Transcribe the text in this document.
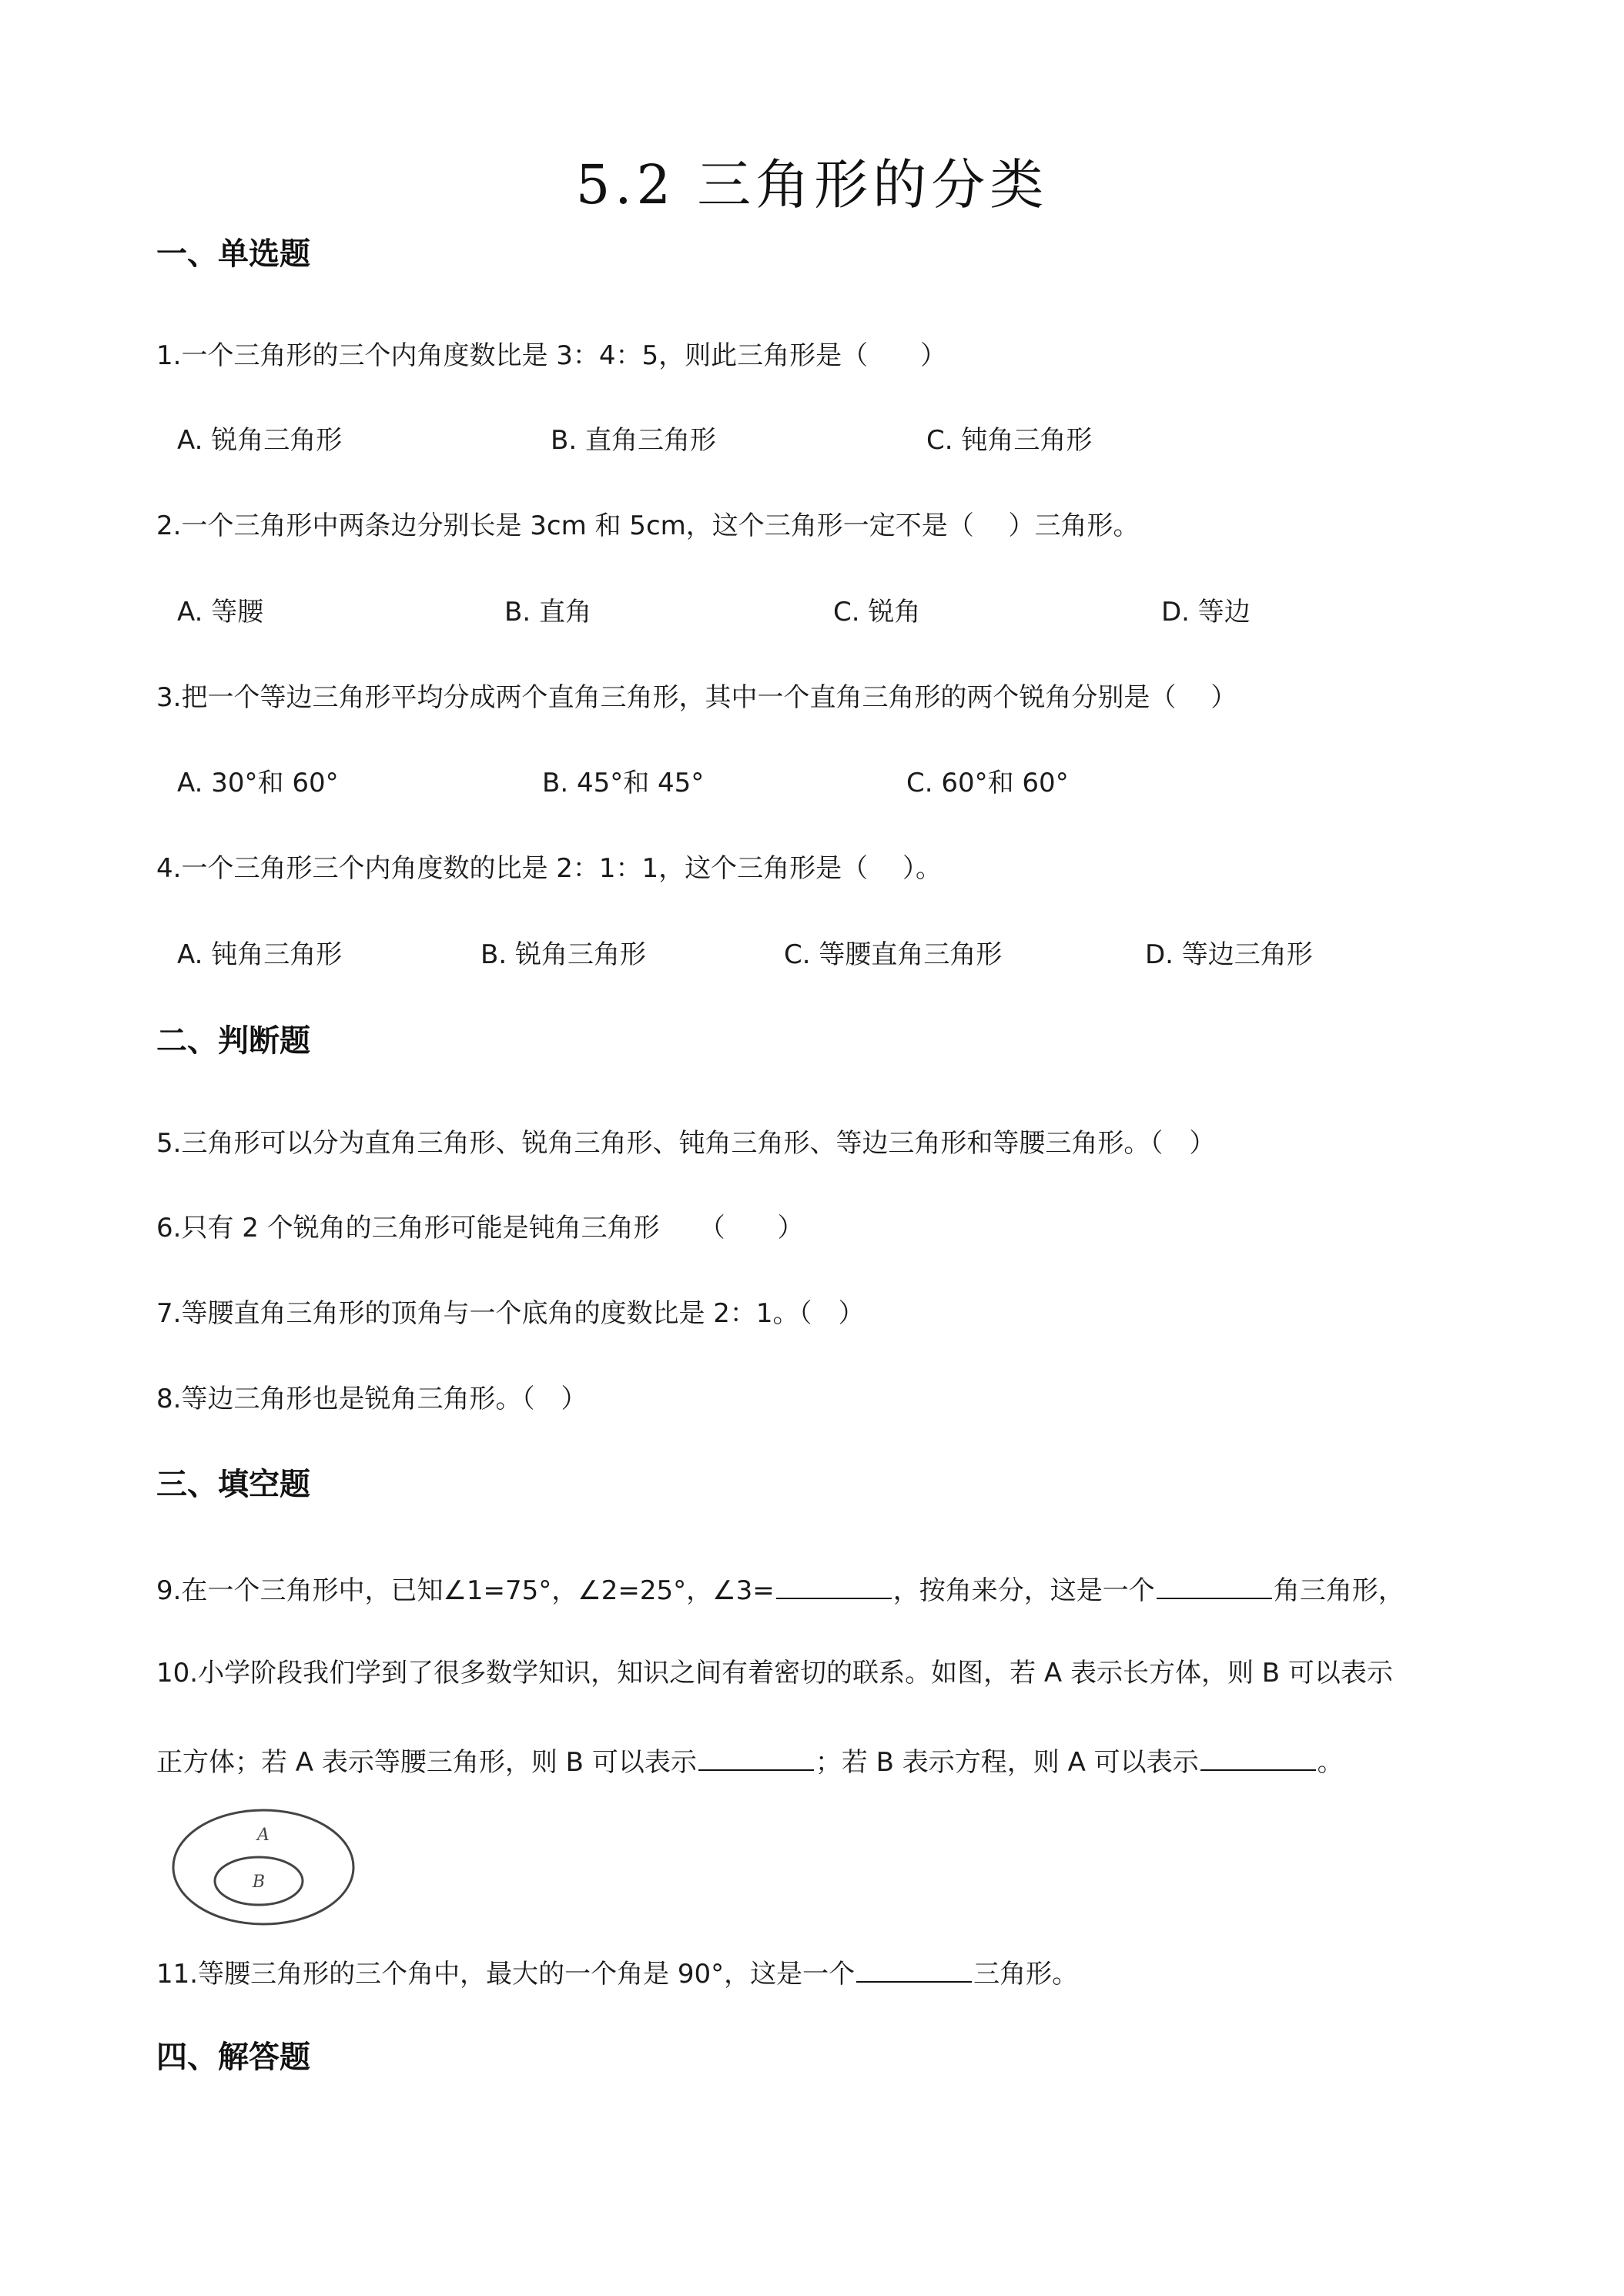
5.2 三角形的分类
一、单选题
1.一个三角形的三个内角度数比是 3：4：5，则此三角形是（　　）
A. 锐角三角形	B. 直角三角形	C. 钝角三角形
2.一个三角形中两条边分别长是 3cm 和 5cm，这个三角形一定不是（　 ）三角形。
A. 等腰	B. 直角	C. 锐角	D. 等边
3.把一个等边三角形平均分成两个直角三角形，其中一个直角三角形的两个锐角分别是（　 ）
A. 30°和 60°	B. 45°和 45°	C. 60°和 60°
4.一个三角形三个内角度数的比是 2：1：1，这个三角形是（　 ）。
A. 钝角三角形	B. 锐角三角形	C. 等腰直角三角形	D. 等边三角形
二、判断题
5.三角形可以分为直角三角形、锐角三角形、钝角三角形、等边三角形和等腰三角形。（　）
6.只有 2 个锐角的三角形可能是钝角三角形　　（　　）
7.等腰直角三角形的顶角与一个底角的度数比是 2：1。（　）
8.等边三角形也是锐角三角形。（　）
三、填空题
9.在一个三角形中，已知∠1=75°，∠2=25°，∠3=	，按角来分，这是一个	角三角形，
10.小学阶段我们学到了很多数学知识，知识之间有着密切的联系。如图，若 A 表示长方体，则 B 可以表示
正方体；若 A 表示等腰三角形，则 B 可以表示	；若 B 表示方程，则 A 可以表示	。
A
B
11.等腰三角形的三个角中，最大的一个角是 90°，这是一个	三角形。
四、解答题
